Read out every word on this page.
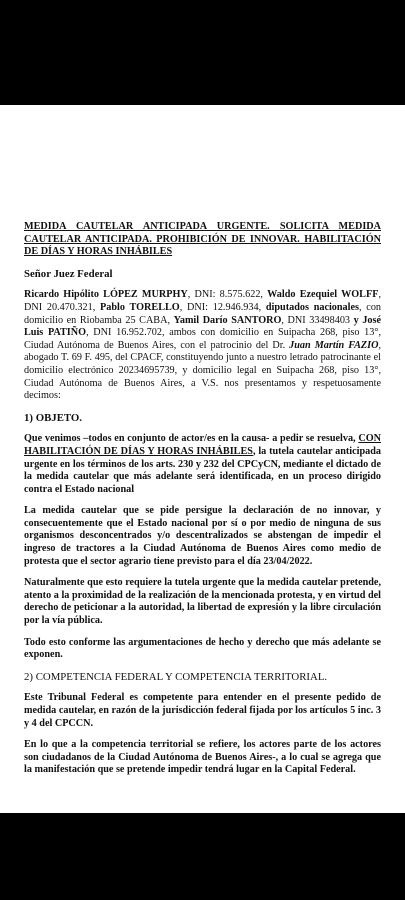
MEDIDA CAUTELAR ANTICIPADA URGENTE. SOLICITA MEDIDA CAUTELAR ANTICIPADA. PROHIBICIÓN DE INNOVAR. HABILITACIÓN DE DÍAS Y HORAS INHÁBILES

Señor Juez Federal

Ricardo Hipólito LÓPEZ MURPHY, DNI: 8.575.622, Waldo Ezequiel WOLFF, DNI 20.470.321, Pablo TORELLO, DNI: 12.946.934, diputados nacionales, con domicilio en Riobamba 25 CABA, Yamil Darío SANTORO, DNI 33498403 y José Luis PATIÑO, DNI 16.952.702, ambos con domicilio en Suipacha 268, piso 13°, Ciudad Autónoma de Buenos Aires, con el patrocinio del Dr. Juan Martín FAZIO, abogado T. 69 F. 495, del CPACF, constituyendo junto a nuestro letrado patrocinante el domicilio electrónico 20234695739, y domicilio legal en Suipacha 268, piso 13°, Ciudad Autónoma de Buenos Aires, a V.S. nos presentamos y respetuosamente decimos:

1) OBJETO.

Que venimos –todos en conjunto de actor/es en la causa- a pedir se resuelva, CON HABILITACIÓN DE DÍAS Y HORAS INHÁBILES, la tutela cautelar anticipada urgente en los términos de los arts. 230 y 232 del CPCyCN, mediante el dictado de la medida cautelar que más adelante será identificada, en un proceso dirigido contra el Estado nacional

La medida cautelar que se pide persigue la declaración de no innovar, y consecuentemente que el Estado nacional por sí o por medio de ninguna de sus organismos desconcentrados y/o descentralizados se abstengan de impedir el ingreso de tractores a la Ciudad Autónoma de Buenos Aires como medio de protesta que el sector agrario tiene previsto para el día 23/04/2022.

Naturalmente que esto requiere la tutela urgente que la medida cautelar pretende, atento a la proximidad de la realización de la mencionada protesta, y en virtud del derecho de peticionar a la autoridad, la libertad de expresión y la libre circulación por la vía pública.

Todo esto conforme las argumentaciones de hecho y derecho que más adelante se exponen.

2) COMPETENCIA FEDERAL Y COMPETENCIA TERRITORIAL.

Este Tribunal Federal es competente para entender en el presente pedido de medida cautelar, en razón de la jurisdicción federal fijada por los artículos 5 inc. 3 y 4 del CPCCN.

En lo que a la competencia territorial se refiere, los actores parte de los actores son ciudadanos de la Ciudad Autónoma de Buenos Aires-, a lo cual se agrega que la manifestación que se pretende impedir tendrá lugar en la Capital Federal.
